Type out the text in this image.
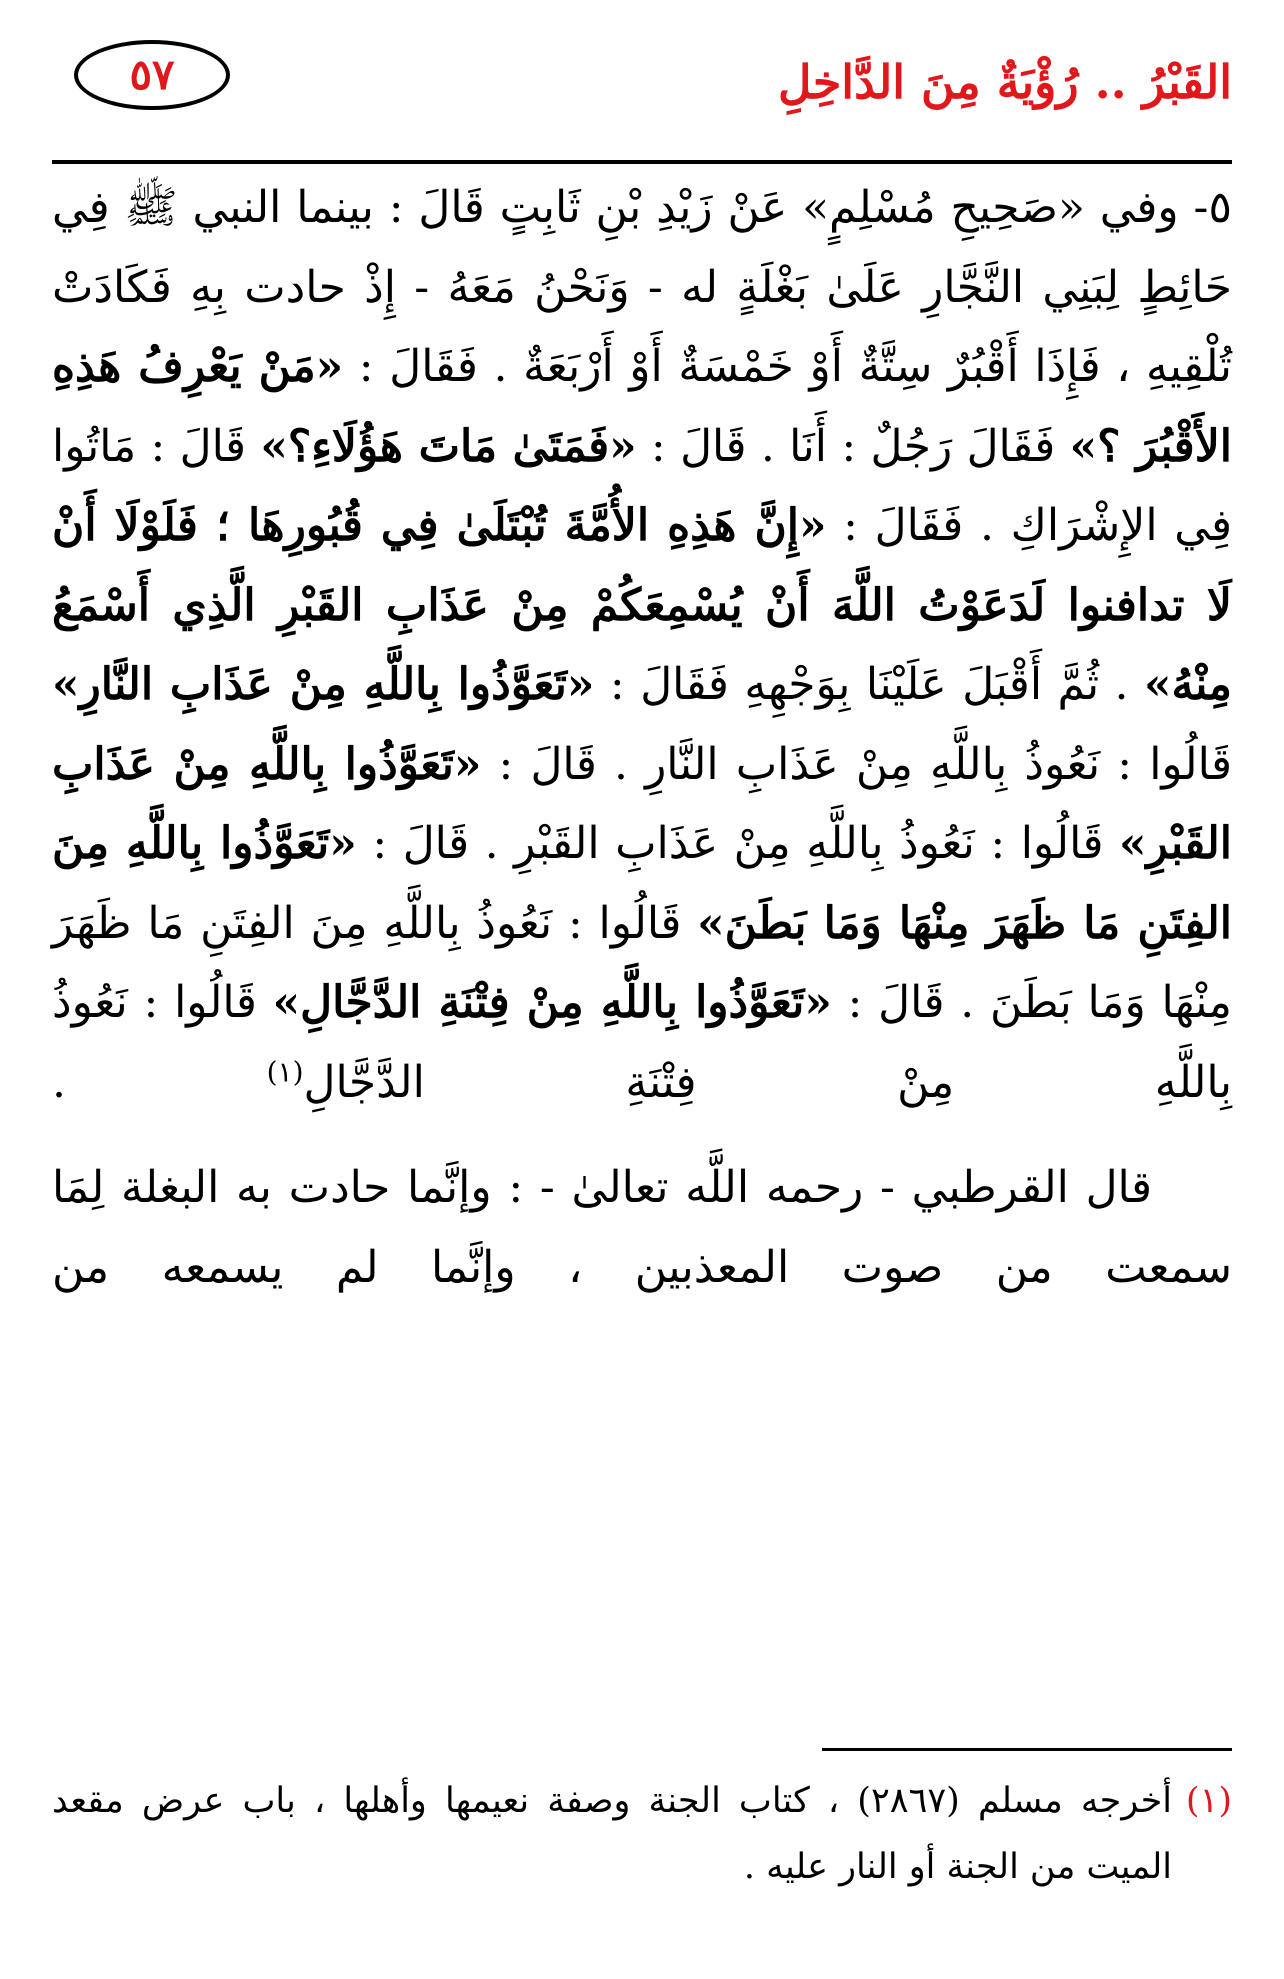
القَبْرُ .. رُؤْيَةٌ مِنَ الدَّاخِلِ
٥٧

٥- وفي «صَحِيحِ مُسْلِمٍ» عَنْ زَيْدِ بْنِ ثَابِتٍ قَالَ : بينما النبي ﷺ فِي حَائِطٍ لِبَنِي النَّجَّارِ عَلَىٰ بَغْلَةٍ له - وَنَحْنُ مَعَهُ - إِذْ حادت بِهِ فَكَادَتْ تُلْقِيهِ ، فَإِذَا أَقْبُرٌ سِتَّةٌ أَوْ خَمْسَةٌ أَوْ أَرْبَعَةٌ . فَقَالَ : «مَنْ يَعْرِفُ هَذِهِ الأَقْبُرَ ؟» فَقَالَ رَجُلٌ : أَنَا . قَالَ : «فَمَتَىٰ مَاتَ هَؤُلَاءِ؟» قَالَ : مَاتُوا فِي الإِشْرَاكِ . فَقَالَ : «إِنَّ هَذِهِ الأُمَّةَ تُبْتَلَىٰ فِي قُبُورِهَا ؛ فَلَوْلَا أَنْ لَا تدافنوا لَدَعَوْتُ اللَّهَ أَنْ يُسْمِعَكُمْ مِنْ عَذَابِ القَبْرِ الَّذِي أَسْمَعُ مِنْهُ» . ثُمَّ أَقْبَلَ عَلَيْنَا بِوَجْهِهِ فَقَالَ : «تَعَوَّذُوا بِاللَّهِ مِنْ عَذَابِ النَّارِ» قَالُوا : نَعُوذُ بِاللَّهِ مِنْ عَذَابِ النَّارِ . قَالَ : «تَعَوَّذُوا بِاللَّهِ مِنْ عَذَابِ القَبْرِ» قَالُوا : نَعُوذُ بِاللَّهِ مِنْ عَذَابِ القَبْرِ . قَالَ : «تَعَوَّذُوا بِاللَّهِ مِنَ الفِتَنِ مَا ظَهَرَ مِنْهَا وَمَا بَطَنَ» قَالُوا : نَعُوذُ بِاللَّهِ مِنَ الفِتَنِ مَا ظَهَرَ مِنْهَا وَمَا بَطَنَ . قَالَ : «تَعَوَّذُوا بِاللَّهِ مِنْ فِتْنَةِ الدَّجَّالِ» قَالُوا : نَعُوذُ بِاللَّهِ مِنْ فِتْنَةِ الدَّجَّالِ$^{(١)}$ .

قال القرطبي - رحمه اللَّه تعالىٰ - : وإنَّما حادت به البغلة لِمَا سمعت من صوت المعذبين ، وإنَّما لم يسمعه من

(١)أخرجه مسلم (٢٨٦٧) ، كتاب الجنة وصفة نعيمها وأهلها ، باب عرض مقعد الميت من الجنة أو النار عليه .
